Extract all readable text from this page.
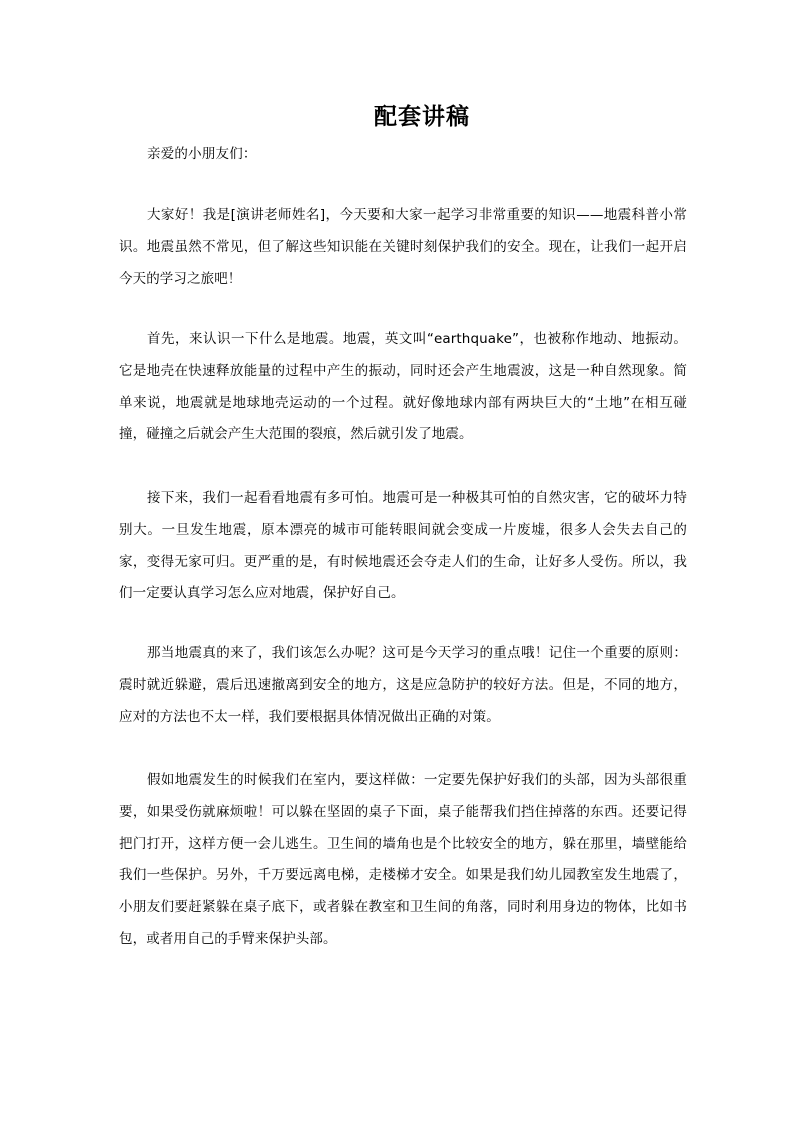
配套讲稿
亲爱的小朋友们：

大家好！我是[演讲老师姓名]，今天要和大家一起学习非常重要的知识——地震科普小常识。地震虽然不常见，但了解这些知识能在关键时刻保护我们的安全。现在，让我们一起开启今天的学习之旅吧！

首先，来认识一下什么是地震。地震，英文叫“earthquake”，也被称作地动、地振动。它是地壳在快速释放能量的过程中产生的振动，同时还会产生地震波，这是一种自然现象。简单来说，地震就是地球地壳运动的一个过程。就好像地球内部有两块巨大的“土地”在相互碰撞，碰撞之后就会产生大范围的裂痕，然后就引发了地震。

接下来，我们一起看看地震有多可怕。地震可是一种极其可怕的自然灾害，它的破坏力特别大。一旦发生地震，原本漂亮的城市可能转眼间就会变成一片废墟，很多人会失去自己的家，变得无家可归。更严重的是，有时候地震还会夺走人们的生命，让好多人受伤。所以，我们一定要认真学习怎么应对地震，保护好自己。

那当地震真的来了，我们该怎么办呢？这可是今天学习的重点哦！记住一个重要的原则：震时就近躲避，震后迅速撤离到安全的地方，这是应急防护的较好方法。但是，不同的地方，应对的方法也不太一样，我们要根据具体情况做出正确的对策。

假如地震发生的时候我们在室内，要这样做：一定要先保护好我们的头部，因为头部很重要，如果受伤就麻烦啦！可以躲在坚固的桌子下面，桌子能帮我们挡住掉落的东西。还要记得把门打开，这样方便一会儿逃生。卫生间的墙角也是个比较安全的地方，躲在那里，墙壁能给我们一些保护。另外，千万要远离电梯，走楼梯才安全。如果是我们幼儿园教室发生地震了，小朋友们要赶紧躲在桌子底下，或者躲在教室和卫生间的角落，同时利用身边的物体，比如书包，或者用自己的手臂来保护头部。
